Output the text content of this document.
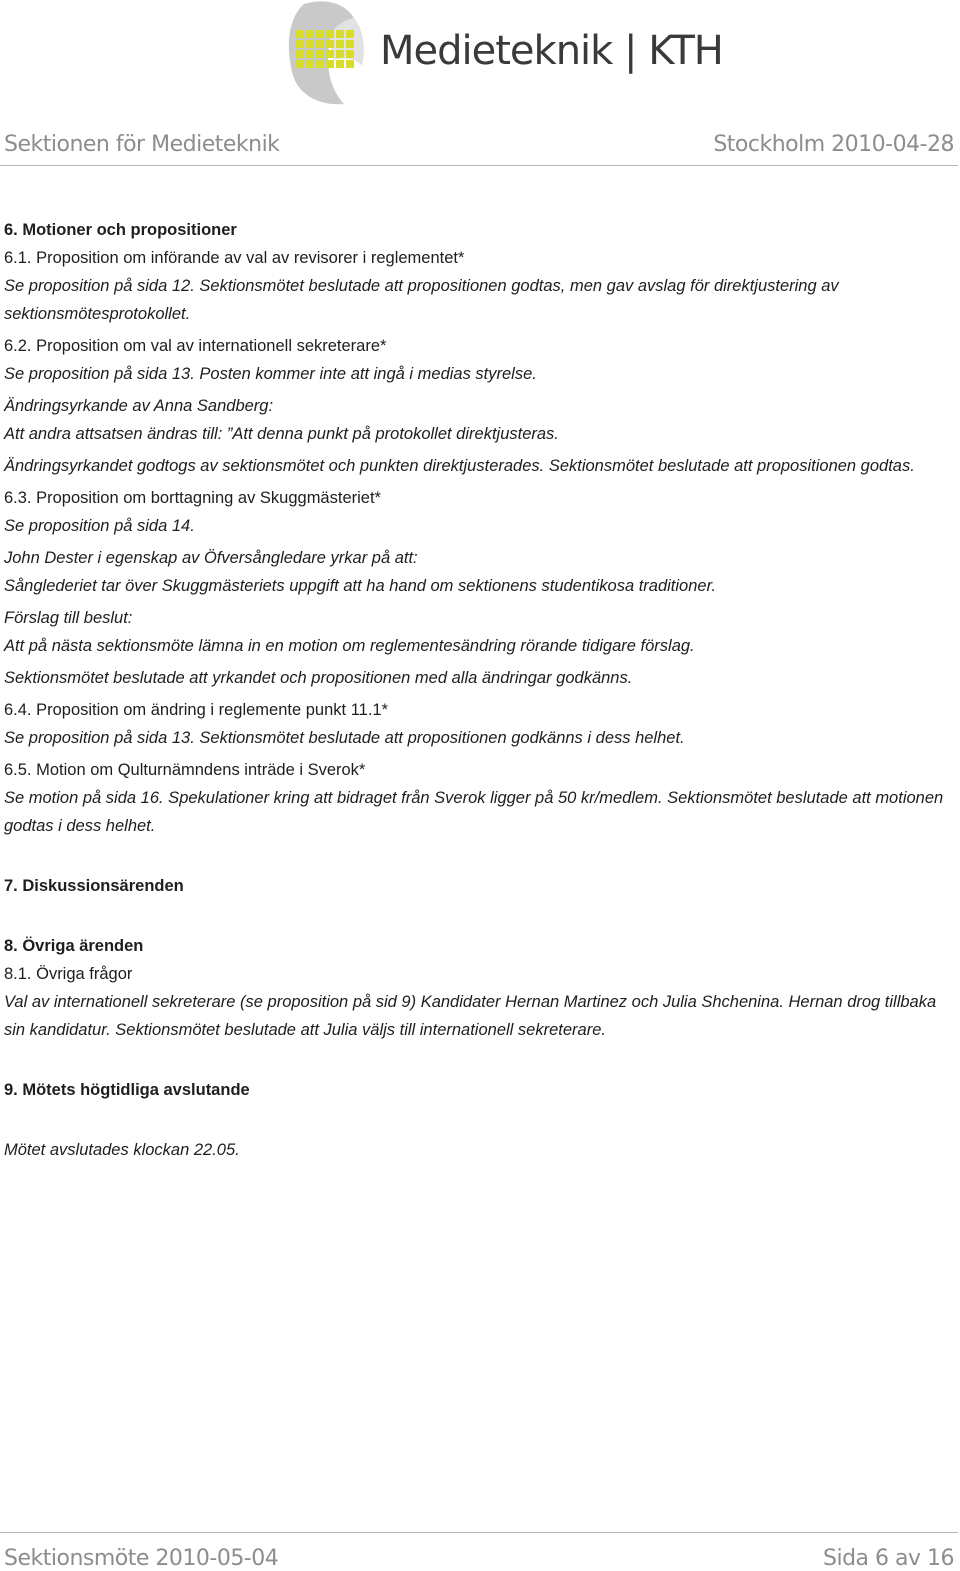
Medieteknik | KTH
Sektionen för Medieteknik	Stockholm 2010-04-28

6. Motioner och propositioner

6.1. Proposition om införande av val av revisorer i reglementet*

Se proposition på sida 12. Sektionsmötet beslutade att propositionen godtas, men gav avslag för direktjustering av sektionsmötesprotokollet.

6.2. Proposition om val av internationell sekreterare*

Se proposition på sida 13. Posten kommer inte att ingå i medias styrelse.

Ändringsyrkande av Anna Sandberg:

Att andra attsatsen ändras till: ”Att denna punkt på protokollet direktjusteras.

Ändringsyrkandet godtogs av sektionsmötet och punkten direktjusterades. Sektionsmötet beslutade att propositionen godtas.

6.3. Proposition om borttagning av Skuggmästeriet*

Se proposition på sida 14.

John Dester i egenskap av Öfversångledare yrkar på att:

Sånglederiet tar över Skuggmästeriets uppgift att ha hand om sektionens studentikosa traditioner.

Förslag till beslut:

Att på nästa sektionsmöte lämna in en motion om reglementesändring rörande tidigare förslag.

Sektionsmötet beslutade att yrkandet och propositionen med alla ändringar godkänns.

6.4. Proposition om ändring i reglemente punkt 11.1*

Se proposition på sida 13. Sektionsmötet beslutade att propositionen godkänns i dess helhet.

6.5. Motion om Qulturnämndens inträde i Sverok*

Se motion på sida 16. Spekulationer kring att bidraget från Sverok ligger på 50 kr/medlem. Sektionsmötet beslutade att motionen godtas i dess helhet.

7. Diskussionsärenden

8. Övriga ärenden

8.1. Övriga frågor

Val av internationell sekreterare (se proposition på sid 9) Kandidater Hernan Martinez och Julia Shchenina. Hernan drog tillbaka sin kandidatur. Sektionsmötet beslutade att Julia väljs till internationell sekreterare.

9. Mötets högtidliga avslutande

Mötet avslutades klockan 22.05.

Sektionsmöte 2010-05-04	Sida 6 av 16
